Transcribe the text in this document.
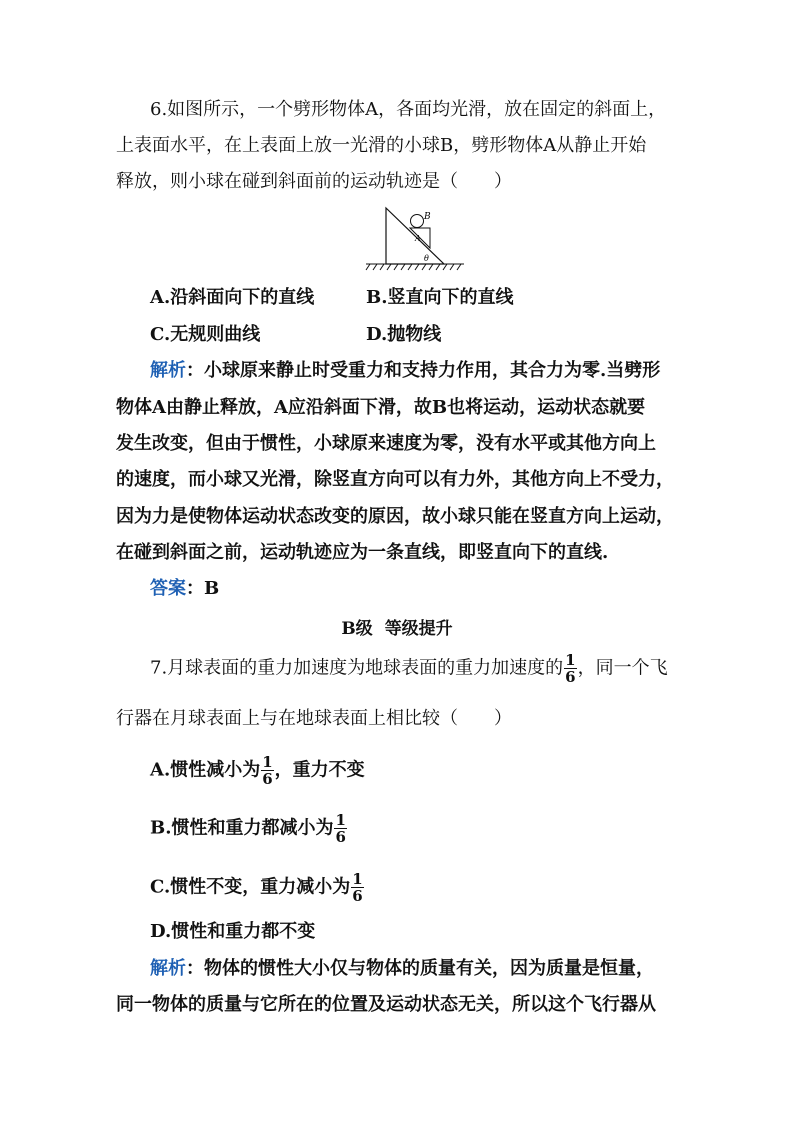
6.如图所示，一个劈形物体A，各面均光滑，放在固定的斜面上，
上表面水平，在上表面上放一光滑的小球B，劈形物体A从静止开始
释放，则小球在碰到斜面前的运动轨迹是（　　）
B
A
θ
A.沿斜面向下的直线	B.竖直向下的直线
C.无规则曲线	D.抛物线
解析：小球原来静止时受重力和支持力作用，其合力为零.当劈形
物体A由静止释放，A应沿斜面下滑，故B也将运动，运动状态就要
发生改变，但由于惯性，小球原来速度为零，没有水平或其他方向上
的速度，而小球又光滑，除竖直方向可以有力外，其他方向上不受力，
因为力是使物体运动状态改变的原因，故小球只能在竖直方向上运动，
在碰到斜面之前，运动轨迹应为一条直线，即竖直向下的直线.
答案：B
B级 等级提升
7.月球表面的重力加速度为地球表面的重力加速度的 $\frac{1}{6}$ ，同一个飞
行器在月球表面上与在地球表面上相比较（　　）
A.惯性减小为 $\frac{1}{6}$ ，重力不变
B.惯性和重力都减小为 $\frac{1}{6}$
C.惯性不变，重力减小为 $\frac{1}{6}$
D.惯性和重力都不变
解析：物体的惯性大小仅与物体的质量有关，因为质量是恒量，
同一物体的质量与它所在的位置及运动状态无关，所以这个飞行器从
